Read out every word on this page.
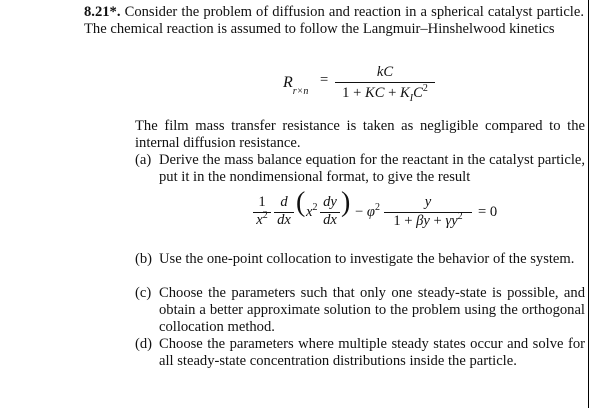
8.21*. Consider the problem of diffusion and reaction in a spherical catalyst particle. The chemical reaction is assumed to follow the Langmuir–Hinshelwood kinetics
$R_{r\times n}$
=	kC
1 + KC + $K_IC^2$
The film mass transfer resistance is taken as negligible compared to the internal diffusion resistance.
(a) Derive the mass balance equation for the reactant in the catalyst particle, put it in the nondimensional format, to give the result
1
$x^2$
d
dx
( $x^2$ dy
dx
) − $\varphi^2$	y
$1 + \beta y + \gamma y^2$	= 0
(b) Use the one-point collocation to investigate the behavior of the system.
(c) Choose the parameters such that only one steady-state is possible, and obtain a better approximate solution to the problem using the orthogonal collocation method.
(d) Choose the parameters where multiple steady states occur and solve for all steady-state concentration distributions inside the particle.
